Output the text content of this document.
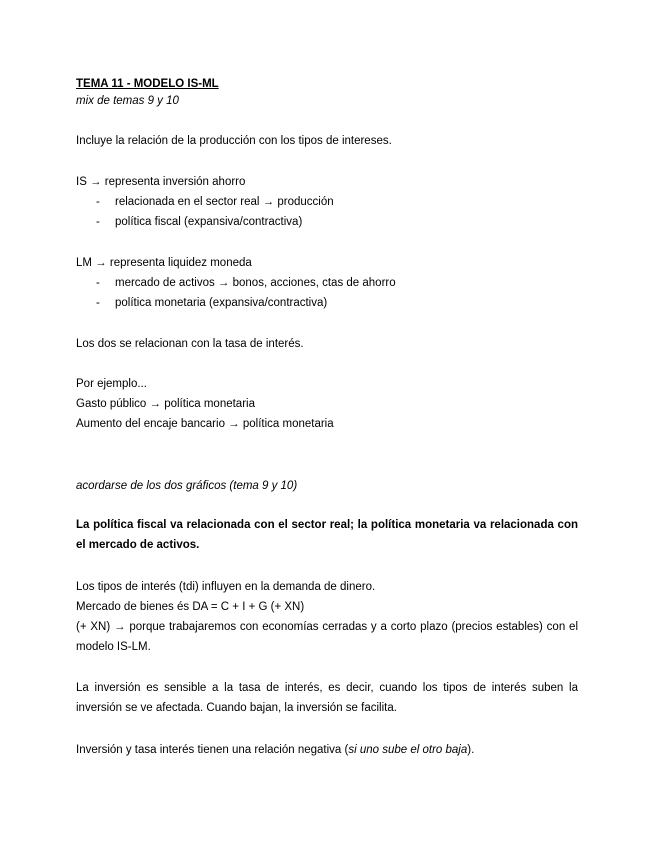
TEMA 11 - MODELO IS-ML
mix de temas 9 y 10
Incluye la relación de la producción con los tipos de intereses.
IS → representa inversión ahorro
- relacionada en el sector real → producción
- política fiscal (expansiva/contractiva)
LM → representa liquidez moneda
- mercado de activos → bonos, acciones, ctas de ahorro
- política monetaria (expansiva/contractiva)
Los dos se relacionan con la tasa de interés.
Por ejemplo...
Gasto público → política monetaria
Aumento del encaje bancario → política monetaria
acordarse de los dos gráficos (tema 9 y 10)
La política fiscal va relacionada con el sector real; la política monetaria va relacionada con el mercado de activos.
Los tipos de interés (tdi) influyen en la demanda de dinero.
Mercado de bienes és DA = C + I + G (+ XN)
(+ XN) → porque trabajaremos con economías cerradas y a corto plazo (precios estables) con el modelo IS-LM.
La inversión es sensible a la tasa de interés, es decir, cuando los tipos de interés suben la inversión se ve afectada. Cuando bajan, la inversión se facilita.
Inversión y tasa interés tienen una relación negativa (si uno sube el otro baja).
